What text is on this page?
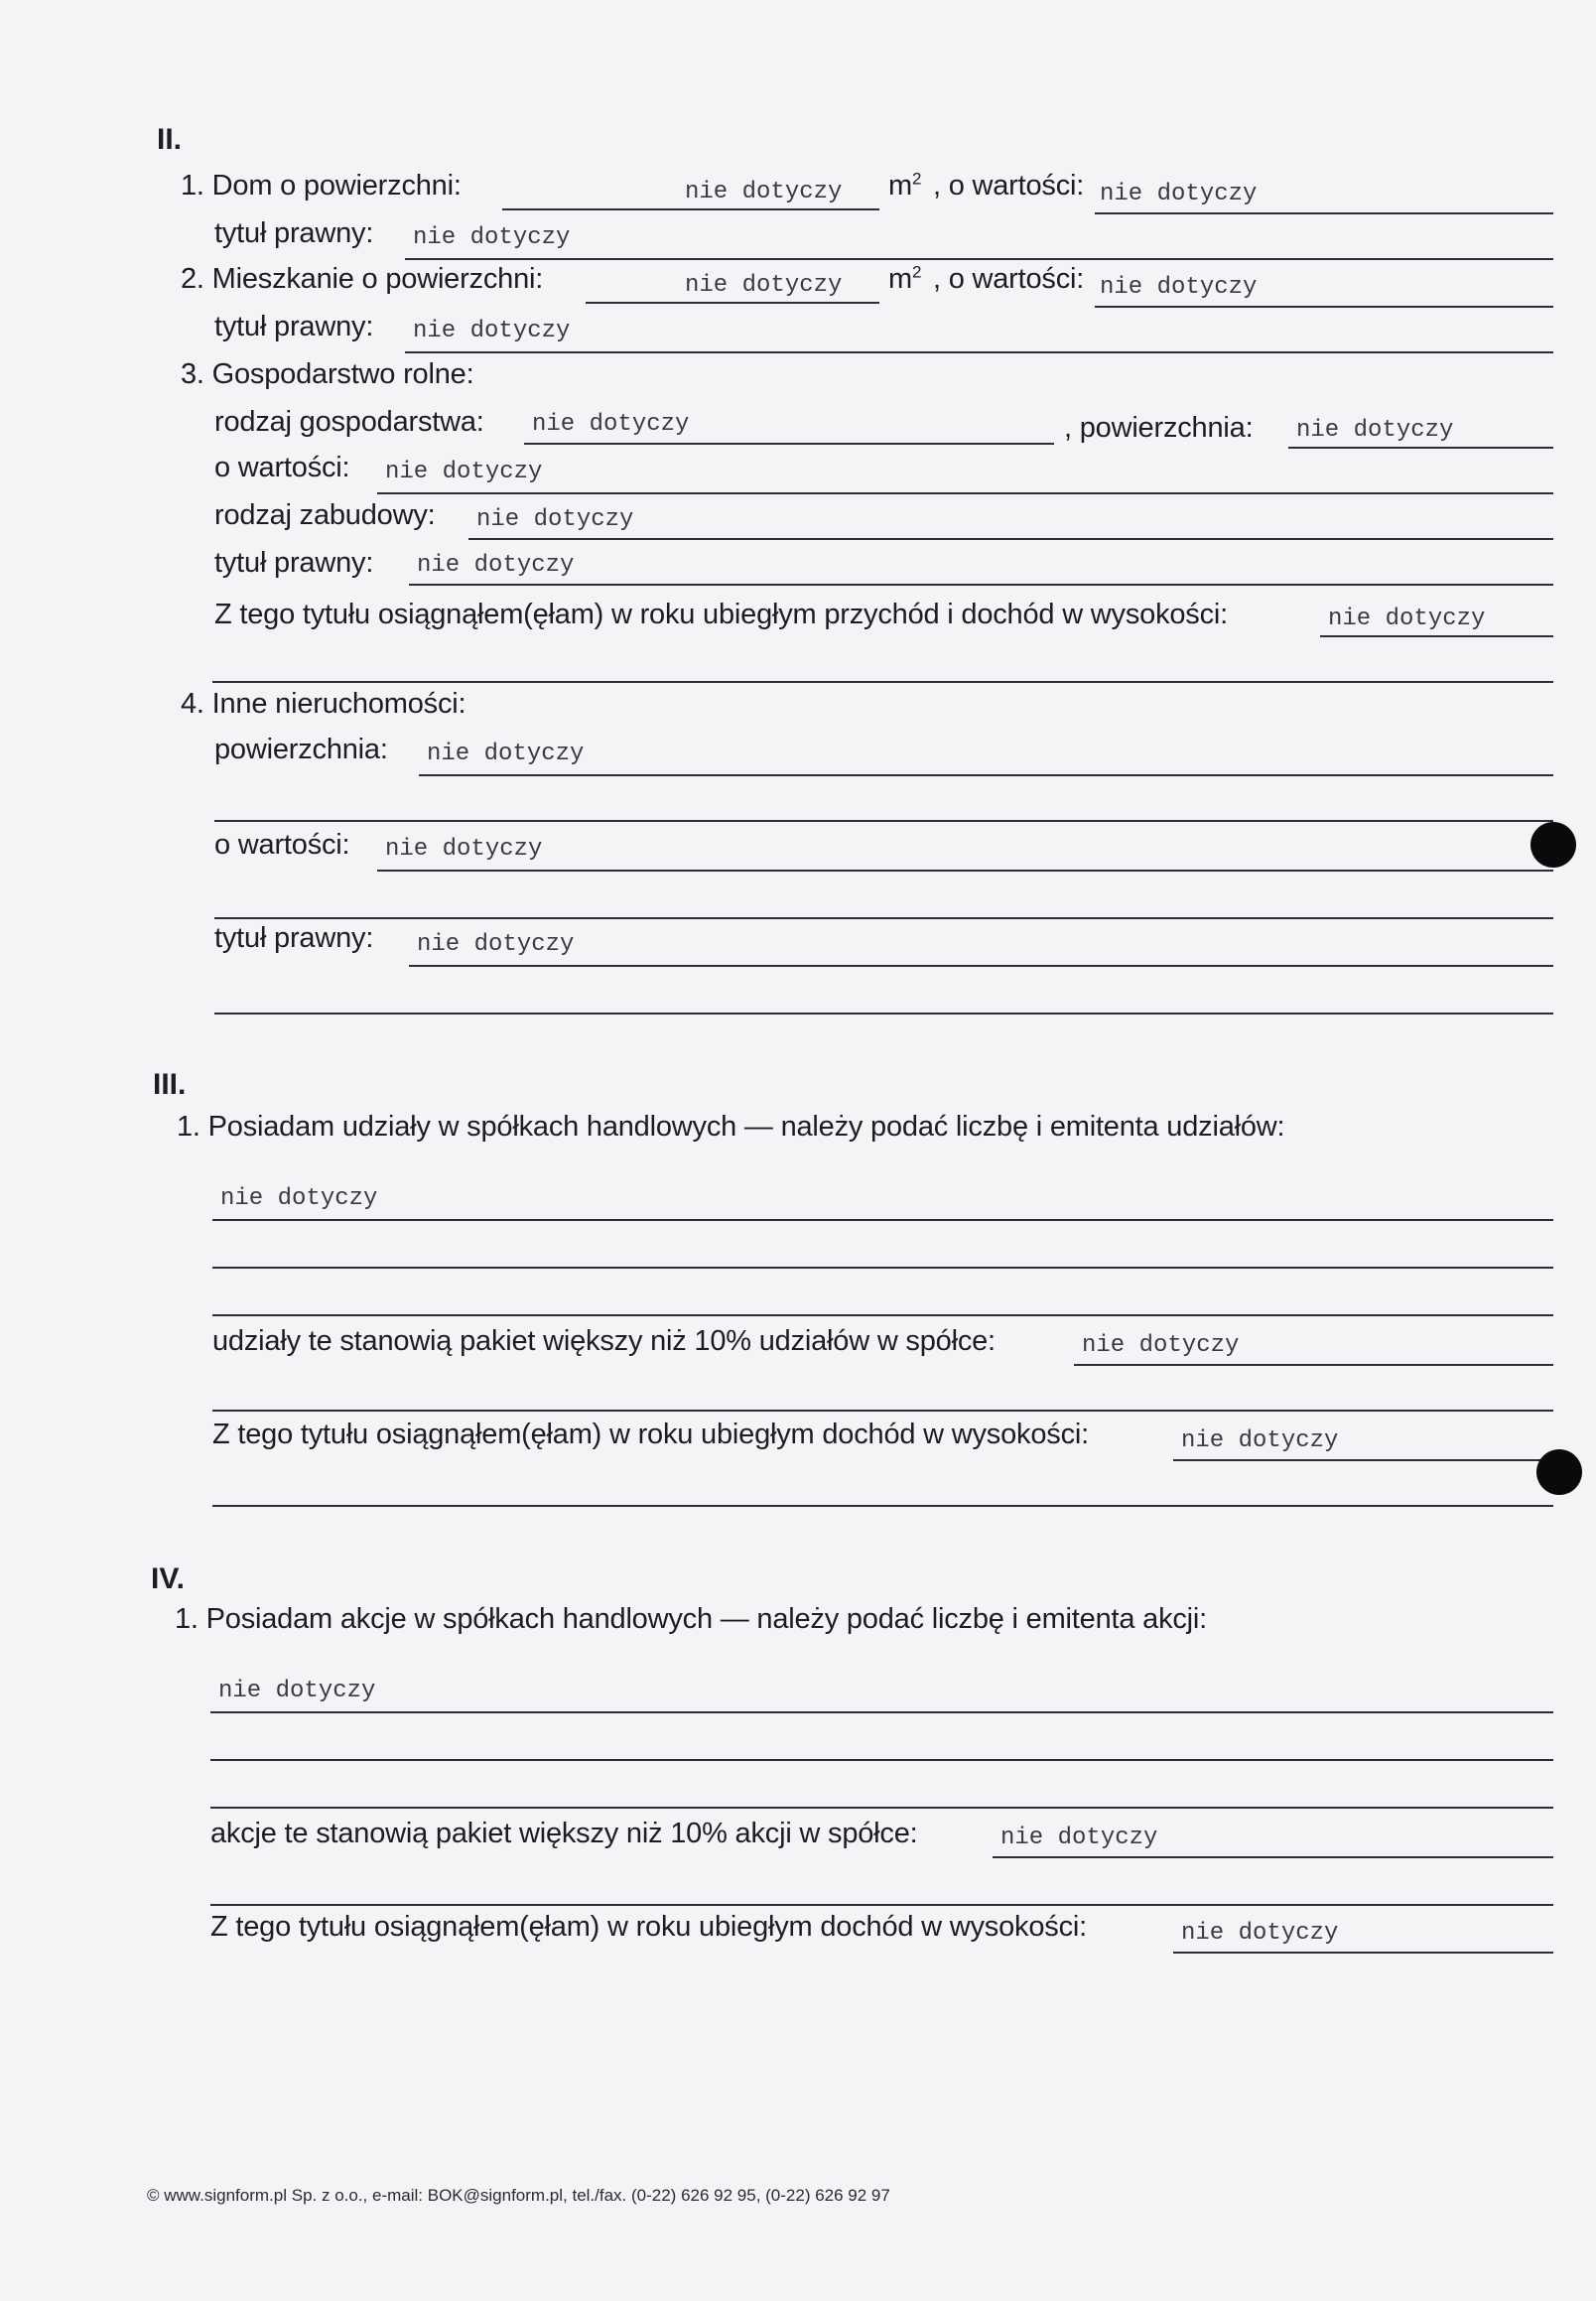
II.
1. Dom o powierzchni:	nie dotyczy $m^2$ , o wartości: nie dotyczy
tytuł prawny: nie dotyczy
2. Mieszkanie o powierzchni:	nie dotyczy $m^2$ , o wartości: nie dotyczy
tytuł prawny: nie dotyczy
3. Gospodarstwo rolne:
rodzaj gospodarstwa: nie dotyczy	, powierzchnia: nie dotyczy
o wartości: nie dotyczy
rodzaj zabudowy: nie dotyczy
tytuł prawny: nie dotyczy
Z tego tytułu osiągnąłem(ęłam) w roku ubiegłym przychód i dochód w wysokości:	nie dotyczy
4. Inne nieruchomości:
powierzchnia: nie dotyczy
o wartości: nie dotyczy
tytuł prawny: nie dotyczy
III.
1. Posiadam udziały w spółkach handlowych — należy podać liczbę i emitenta udziałów:
nie dotyczy
udziały te stanowią pakiet większy niż 10% udziałów w spółce:	nie dotyczy
Z tego tytułu osiągnąłem(ęłam) w roku ubiegłym dochód w wysokości:	nie dotyczy
IV.
1. Posiadam akcje w spółkach handlowych — należy podać liczbę i emitenta akcji:
nie dotyczy
akcje te stanowią pakiet większy niż 10% akcji w spółce:	nie dotyczy
Z tego tytułu osiągnąłem(ęłam) w roku ubiegłym dochód w wysokości:	nie dotyczy
© www.signform.pl Sp. z o.o., e-mail: BOK@signform.pl, tel./fax. (0-22) 626 92 95, (0-22) 626 92 97
